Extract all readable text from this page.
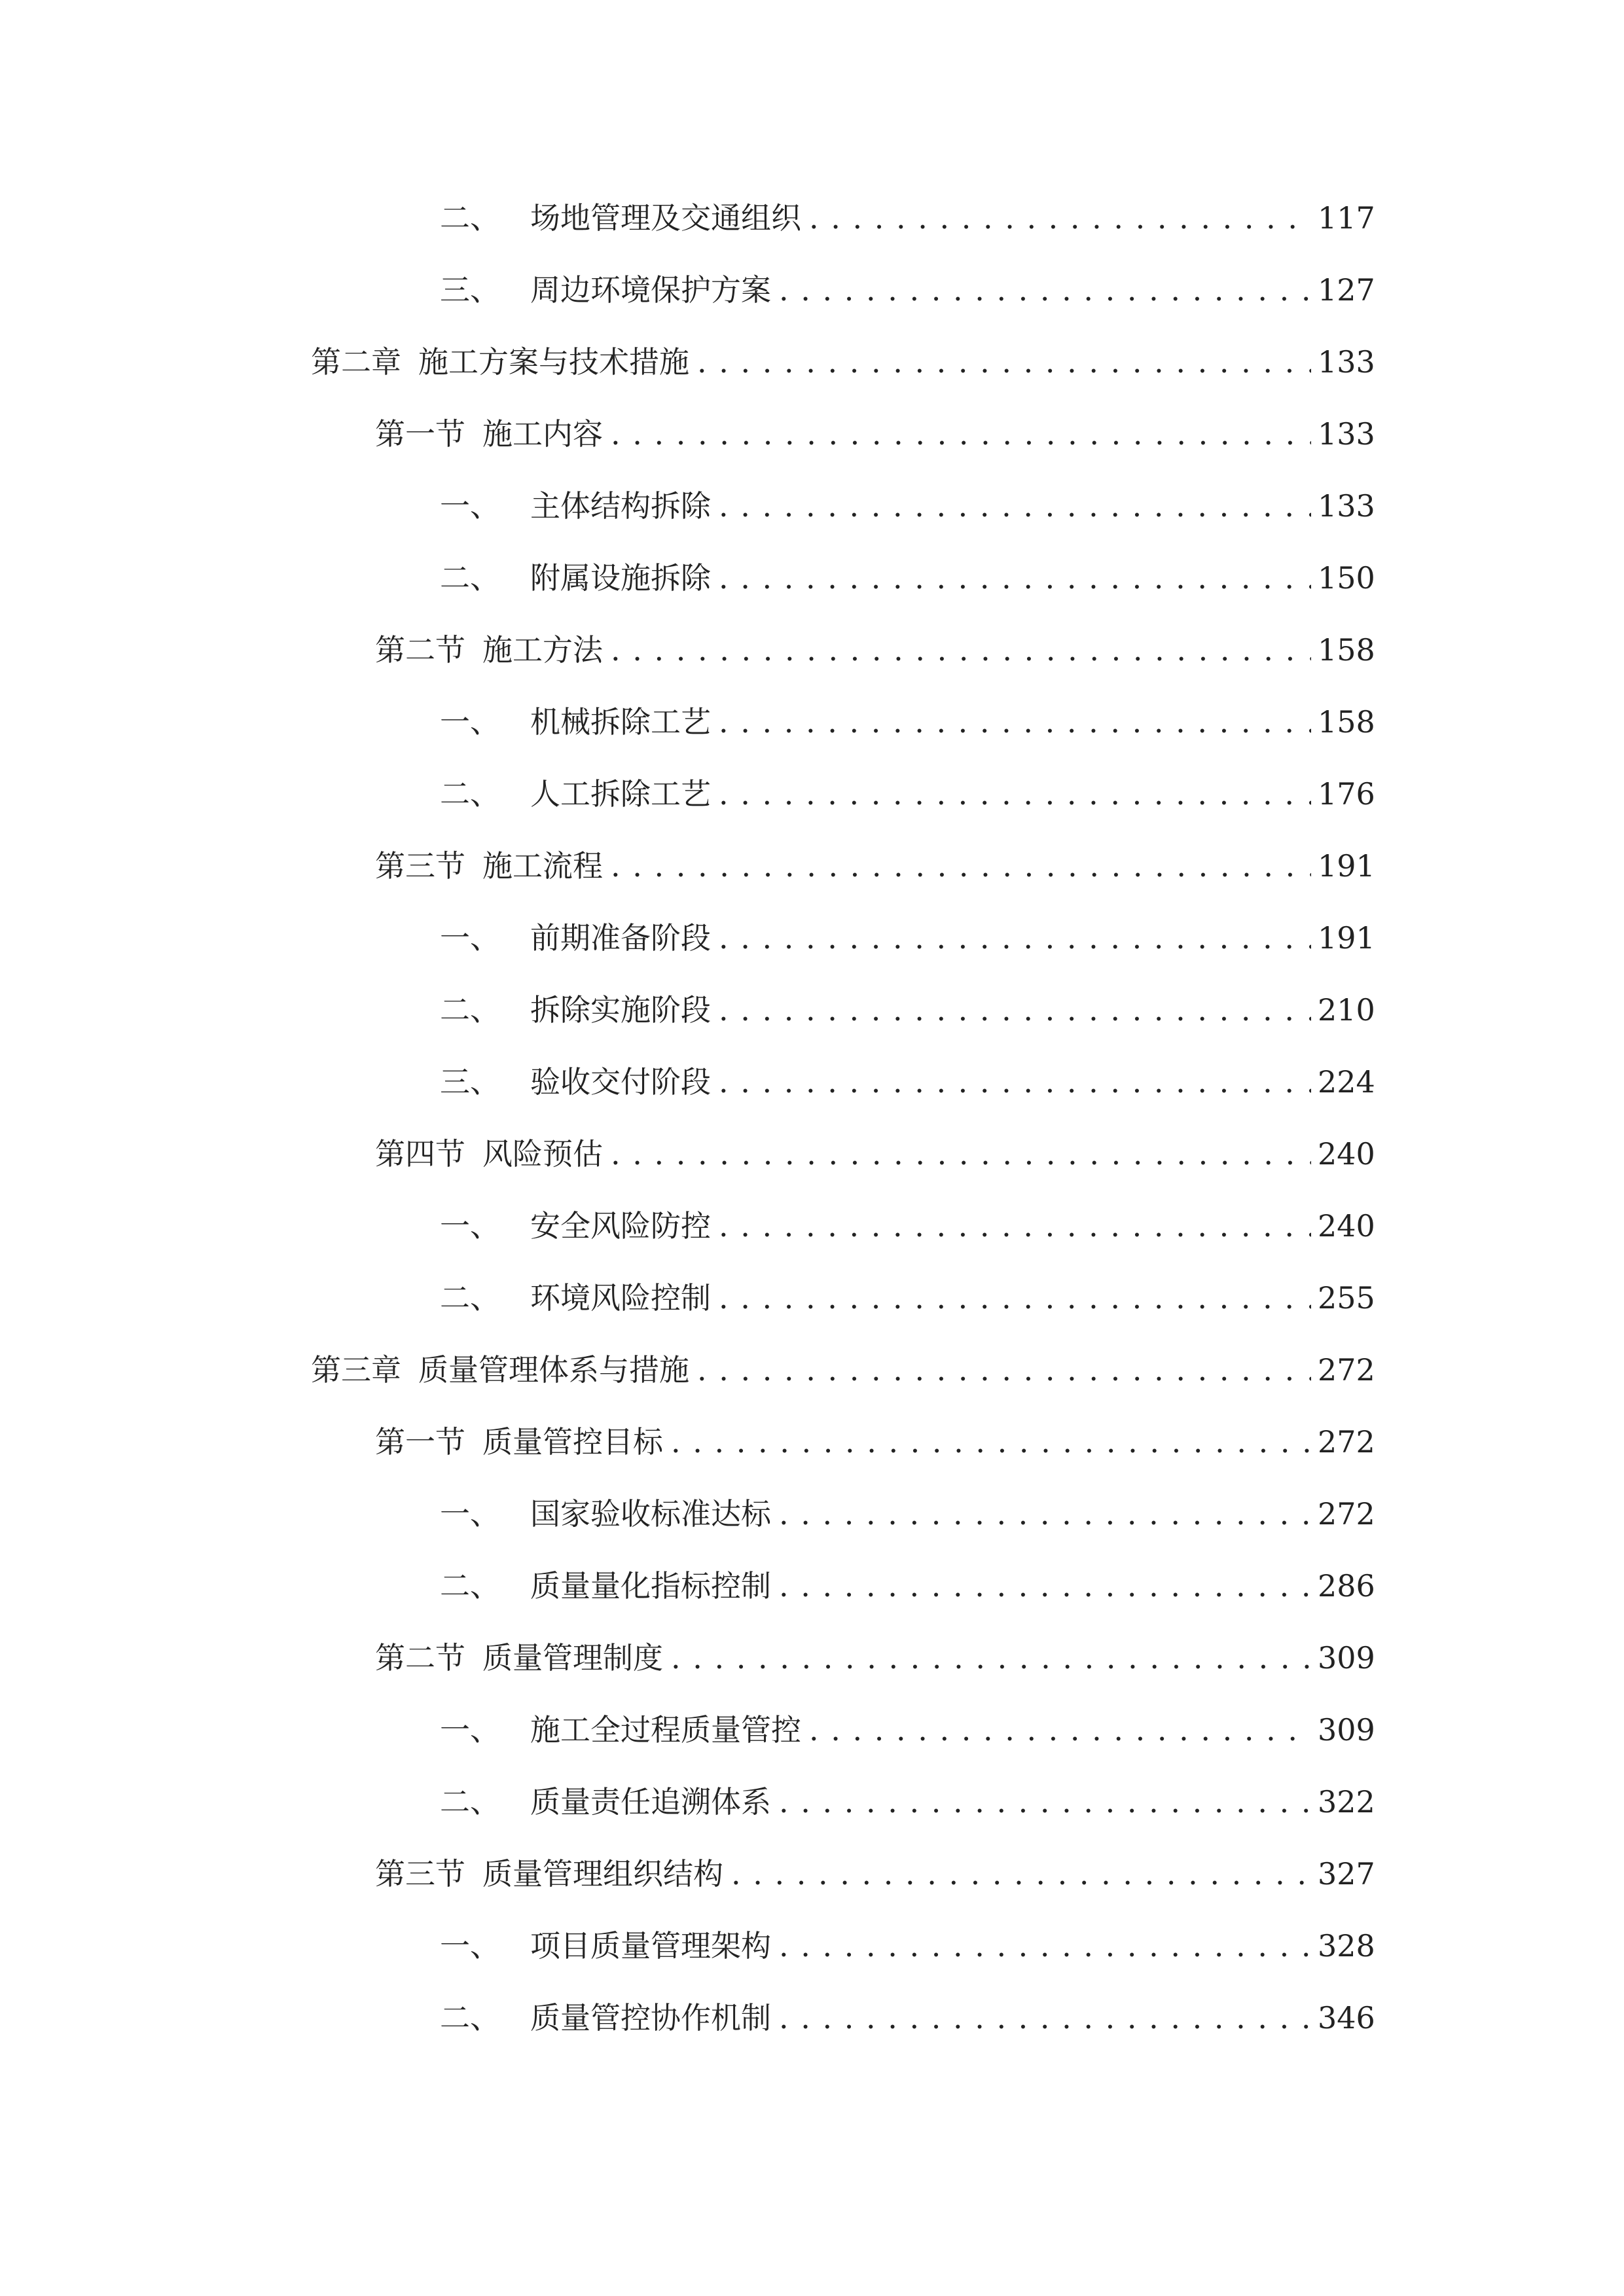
二、 场地管理及交通组织 . . .	117
三、 周边环境保护方案 . . .	127
第二章 施工方案与技术措施 . . .	133
第一节 施工内容 . . .	133
一、 主体结构拆除 . . .	133
二、 附属设施拆除 . . .	150
第二节 施工方法 . . .	158
一、 机械拆除工艺 . . .	158
二、 人工拆除工艺 . . .	176
第三节 施工流程 . . .	191
一、 前期准备阶段 . . .	191
二、 拆除实施阶段 . . .	210
三、 验收交付阶段 . . .	224
第四节 风险预估 . . .	240
一、 安全风险防控 . . .	240
二、 环境风险控制 . . .	255
第三章 质量管理体系与措施 . . .	272
第一节 质量管控目标 . . .	272
一、 国家验收标准达标 . . .	272
二、 质量量化指标控制 . . .	286
第二节 质量管理制度 . . .	309
一、 施工全过程质量管控 . . .	309
二、 质量责任追溯体系 . . .	322
第三节 质量管理组织结构 . . .	327
一、 项目质量管理架构 . . .	328
二、 质量管控协作机制 . . .	346
